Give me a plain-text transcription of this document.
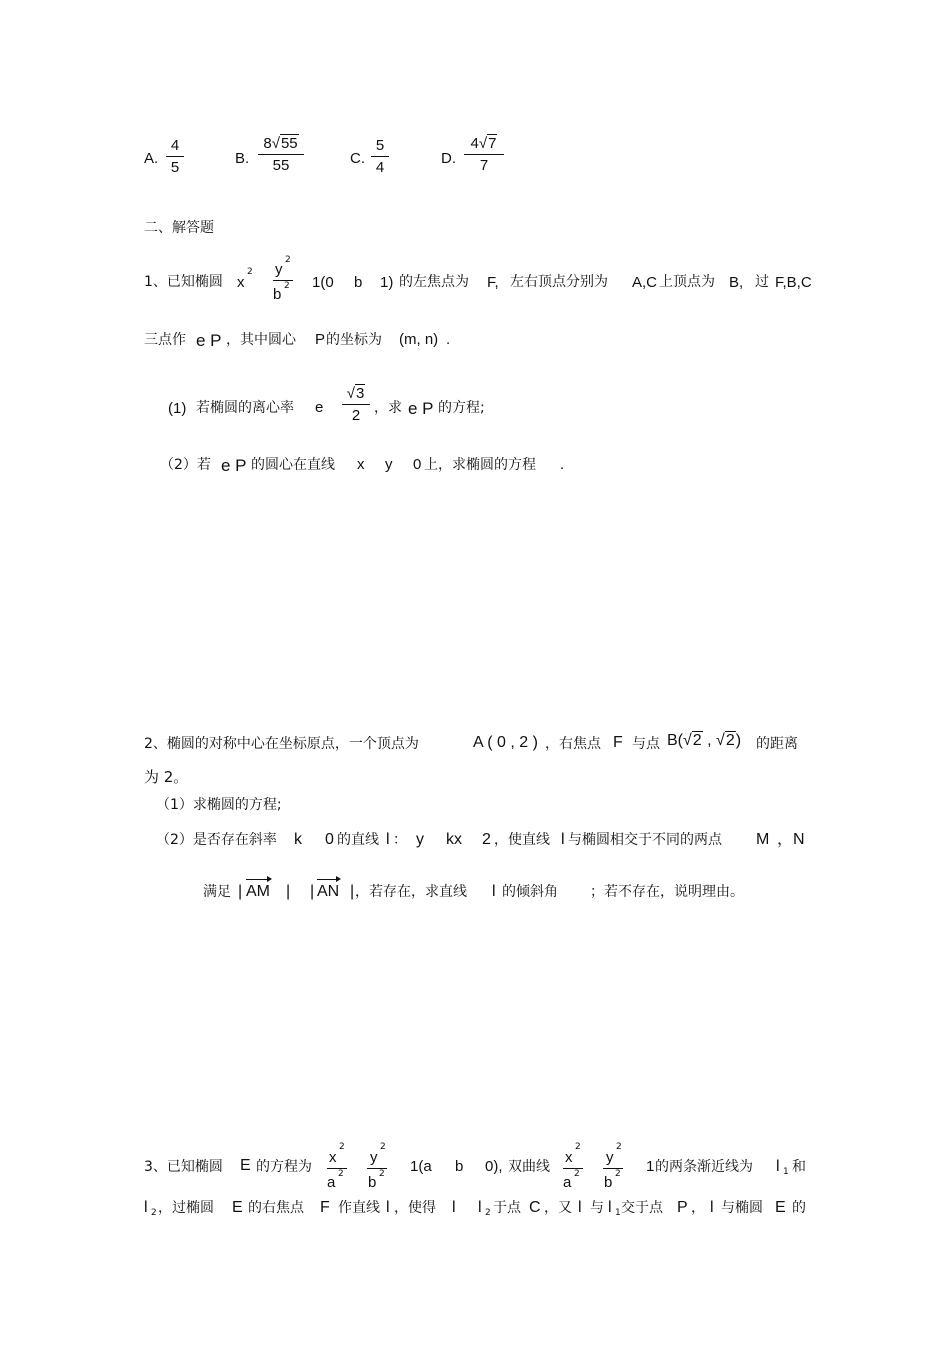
A. $\frac{4}{5}$	B. $\frac{8√55}{55}$	C. $\frac{5}{4}$	D. $\frac{4√7}{7}$
二、解答题
1、已知椭圆 x
2 y
2
b 2 1(0 b 1) 的左焦点为 F, 左右顶点分别为 A,C 上顶点为 B, 过 F,B,C
三点作 e P ，其中圆心 P 的坐标为 (m, n) .
(1) 若椭圆的离心率 e $\frac{√3}{2}$ ，求 e P 的方程;
（2）若 e P 的圆心在直线 x y 0 上，求椭圆的方程 .
2、椭圆的对称中心在坐标原点，一个顶点为	A ( 0 , 2 ) ，右焦点 F 与点 B(√2 , √2) 的距离
为 2。
（1）求椭圆的方程;
（2）是否存在斜率 k 0 的直线 l ： y kx 2 ，使直线 l 与椭圆相交于不同的两点 M ，N
满足 | AM | | AN | ，若存在，求直线 l 的倾斜角 ；若不存在，说明理由。
3、已知椭圆 E 的方程为
x
2
a 2
y
2
b 2 1(a b 0), 双曲线
x
2
a 2
y
2
b 2 1 的两条渐近线为 l 1 和
l 2 ，过椭圆 E 的右焦点 F 作直线 l ，使得 l l 2 于点 C ，又 l 与 l 1 交于点 P ， l 与椭圆 E 的
